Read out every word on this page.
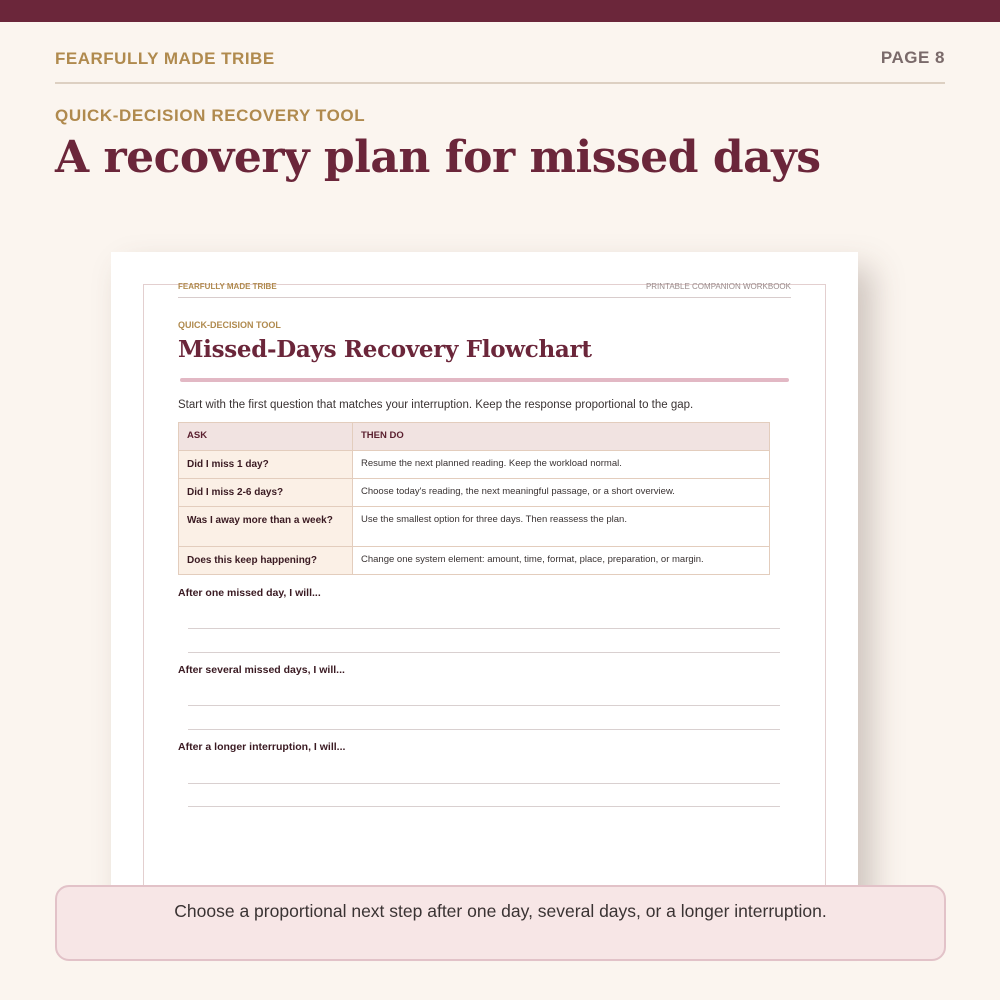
FEARFULLY MADE TRIBE	PAGE 8
QUICK-DECISION RECOVERY TOOL
A recovery plan for missed days
FEARFULLY MADE TRIBE	PRINTABLE COMPANION WORKBOOK
QUICK-DECISION TOOL
Missed-Days Recovery Flowchart
Start with the first question that matches your interruption. Keep the response proportional to the gap.
ASK	THEN DO
Did I miss 1 day?	Resume the next planned reading. Keep the workload normal.
Did I miss 2-6 days?	Choose today's reading, the next meaningful passage, or a short overview.
Was I away more than a week?	Use the smallest option for three days. Then reassess the plan.
Does this keep happening?	Change one system element: amount, time, format, place, preparation, or margin.
After one missed day, I will...
After several missed days, I will...
After a longer interruption, I will...
Choose a proportional next step after one day, several days, or a longer interruption.
